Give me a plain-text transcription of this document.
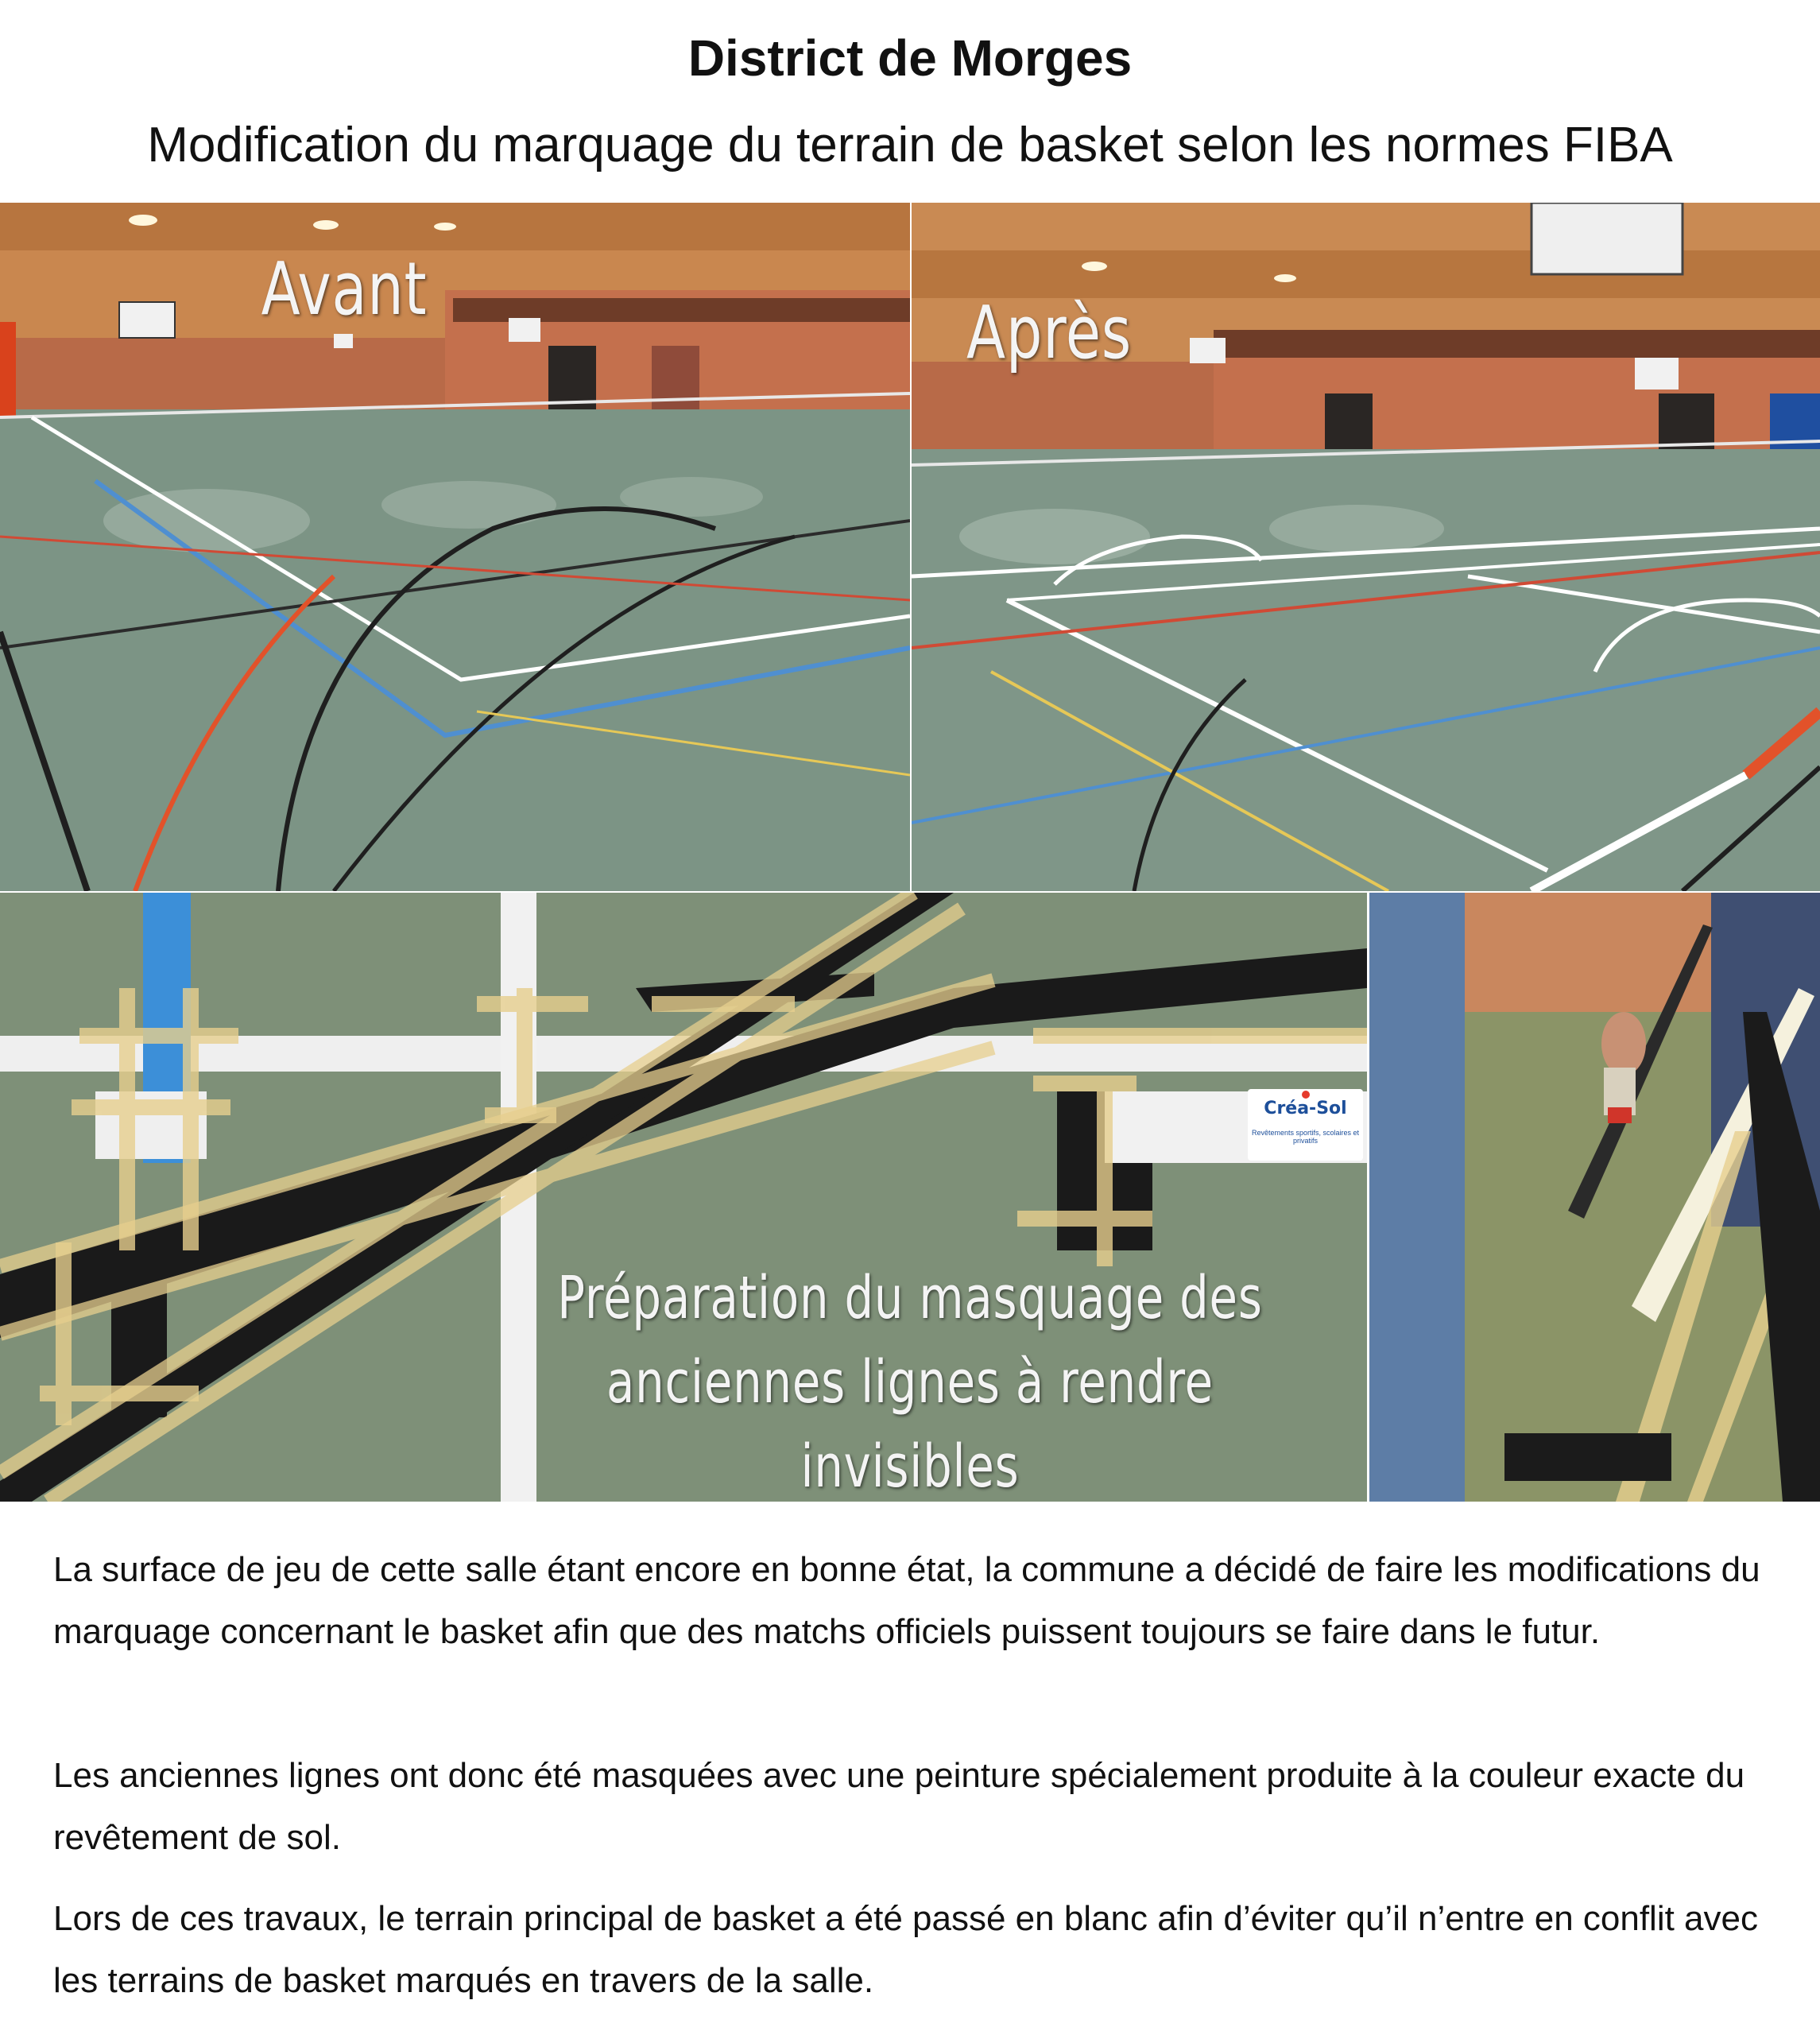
District de Morges
Modification du marquage du terrain de basket selon les normes FIBA
Avant
Après
Préparation du masquage des
anciennes lignes à rendre invisibles
Créa-Sol
Revêtements sportifs, scolaires et privatifs

La surface de jeu de cette salle étant encore en bonne état, la commune a décidé de faire les modifications du marquage concernant le basket afin que des matchs officiels puissent toujours se faire dans le futur.

Les anciennes lignes ont donc été masquées avec une peinture spécialement produite à la couleur exacte du revêtement de sol.

Lors de ces travaux, le terrain principal de basket a été passé en blanc afin d’éviter qu’il n’entre en conflit avec les terrains de basket marqués en travers de la salle.
